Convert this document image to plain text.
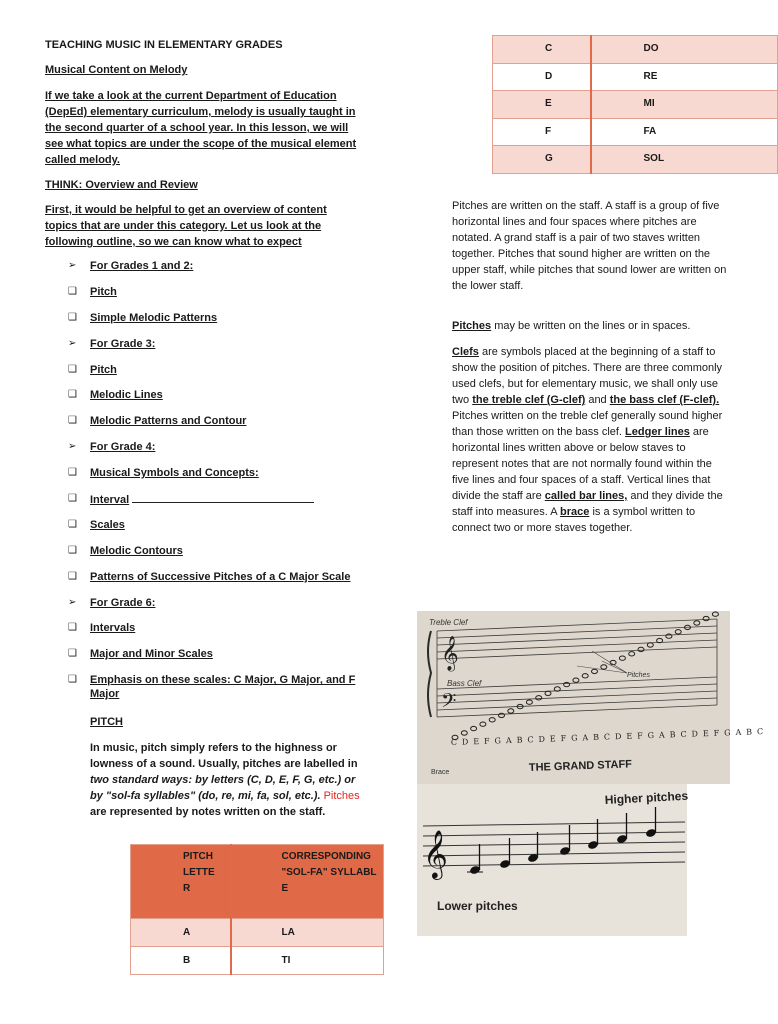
TEACHING MUSIC IN ELEMENTARY GRADES
Musical Content on Melody
If we take a look at the current Department of Education (DepEd) elementary curriculum, melody is usually taught in the second quarter of a school year. In this lesson, we will see what topics are under the scope of the musical element called melody.
THINK: Overview and Review
First, it would be helpful to get an overview of content topics that are under this category. Let us look at the following outline, so we can know what to expect
➢	For Grades 1 and 2:
❑	Pitch
❑	Simple Melodic Patterns
➢	For Grade 3:
❑	Pitch
❑	Melodic Lines
❑	Melodic Patterns and Contour
➢	For Grade 4:
❑	Musical Symbols and Concepts:
❑	Interval
❑	Scales
❑	Melodic Contours
❑	Patterns of Successive Pitches of a C Major Scale
➢	For Grade 6:
❑	Intervals
❑	Major and Minor Scales
❑	Emphasis on these scales: C Major, G Major, and F Major
PITCH
In music, pitch simply refers to the highness or lowness of a sound. Usually, pitches are labelled in two standard ways: by letters (C, D, E, F, G, etc.) or by "sol-fa syllables" (do, re, mi, fa, sol, etc.). Pitches are represented by notes written on the staff.
PITCH LETTER	CORRESPONDING "SOL-FA" SYLLABLE
A	LA
B	TI
C	DO
D	RE
E	MI
F	FA
G	SOL
Pitches are written on the staff. A staff is a group of five horizontal lines and four spaces where pitches are notated. A grand staff is a pair of two staves written together. Pitches that sound higher are written on the upper staff, while pitches that sound lower are written on the lower staff.
Pitches may be written on the lines or in spaces.
Clefs are symbols placed at the beginning of a staff to show the position of pitches. There are three commonly used clefs, but for elementary music, we shall only use two the treble clef (G-clef) and the bass clef (F-clef). Pitches written on the treble clef generally sound higher than those written on the bass clef. Ledger lines are horizontal lines written above or below staves to represent notes that are not normally found within the five lines and four spaces of a staff. Vertical lines that divide the staff are called bar lines, and they divide the staff into measures. A brace is a symbol written to connect two or more staves together.
𝄞
𝄢
Treble Clef
Bass Clef
Pitches
C D E F G A B C D E F G A B C D E F G A B C D E F G A B C
THE GRAND STAFF
Brace
Higher pitches
𝄞
Lower pitches
